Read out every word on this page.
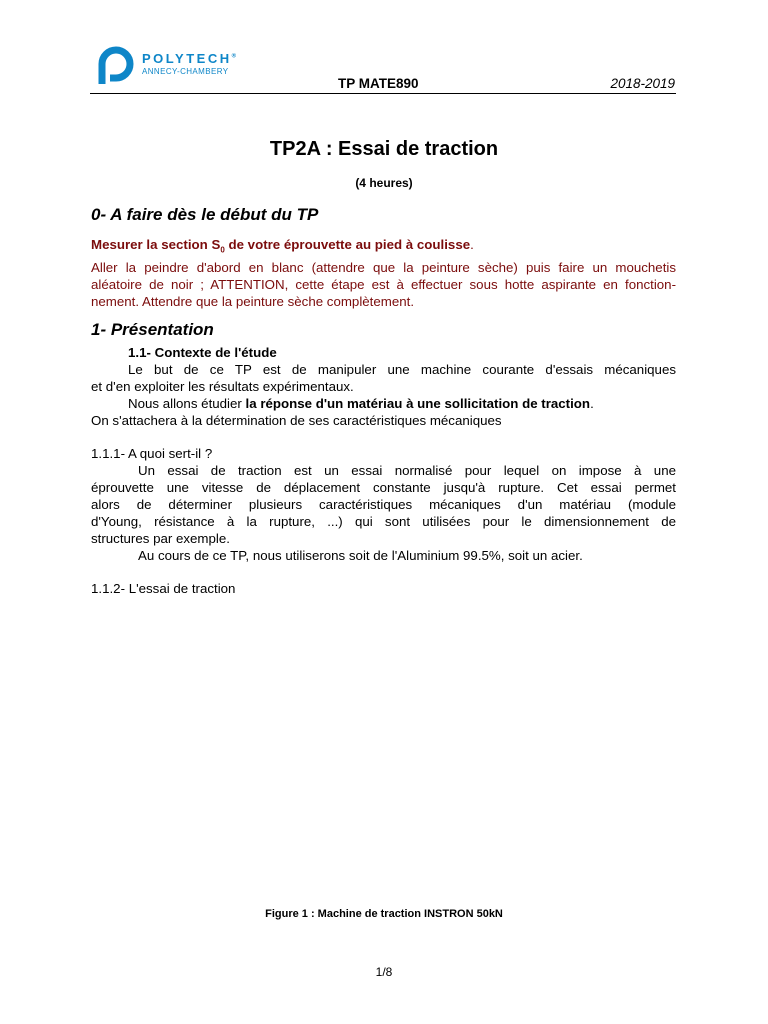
POLYTECH®
ANNECY-CHAMBERY
TP MATE890	2018-2019
TP2A : Essai de traction
(4 heures)
0- A faire dès le début du TP
Mesurer la section $S_0$ de votre éprouvette au pied à coulisse.
Aller la peindre d'abord en blanc (attendre que la peinture sèche) puis faire un mouchetis
aléatoire de noir ; ATTENTION, cette étape est à effectuer sous hotte aspirante en fonction-
nement. Attendre que la peinture sèche complètement.
1- Présentation
1.1- Contexte de l'étude
Le but de ce TP est de manipuler une machine courante d'essais mécaniques
et d'en exploiter les résultats expérimentaux.
Nous allons étudier la réponse d'un matériau à une sollicitation de traction.
On s'attachera à la détermination de ses caractéristiques mécaniques
1.1.1- A quoi sert-il ?
Un essai de traction est un essai normalisé pour lequel on impose à une
éprouvette une vitesse de déplacement constante jusqu'à rupture. Cet essai permet
alors de déterminer plusieurs caractéristiques mécaniques d'un matériau (module
d'Young, résistance à la rupture, ...) qui sont utilisées pour le dimensionnement de
structures par exemple.
Au cours de ce TP, nous utiliserons soit de l'Aluminium 99.5%, soit un acier.
1.1.2- L'essai de traction
Figure 1 : Machine de traction INSTRON 50kN
1/8
